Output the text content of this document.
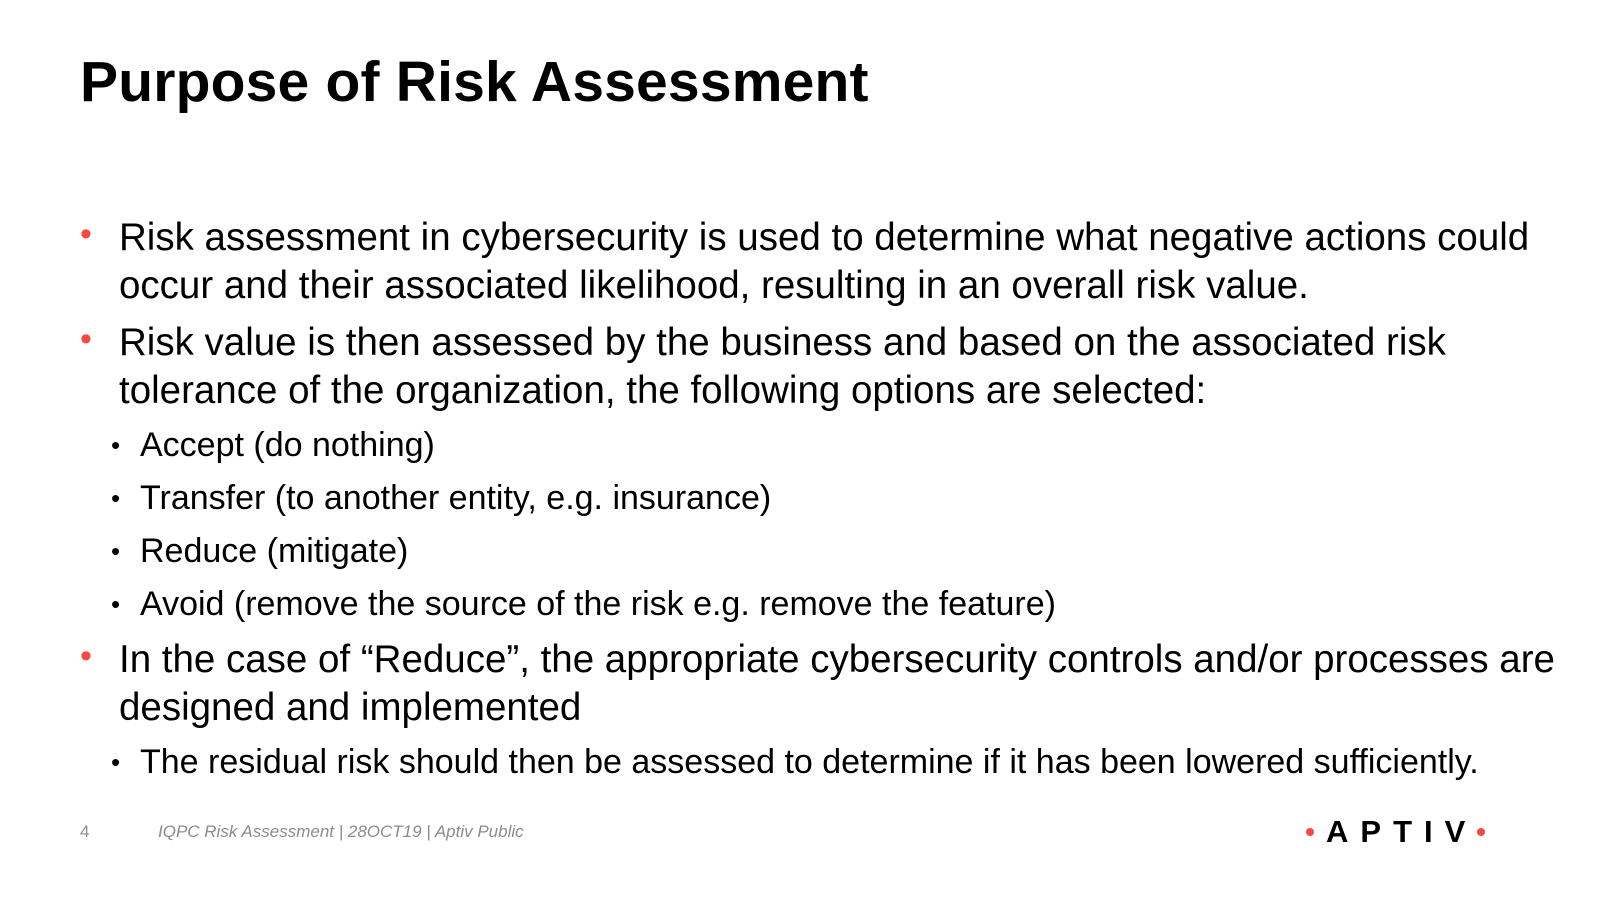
Purpose of Risk Assessment
• Risk assessment in cybersecurity is used to determine what negative actions could occur and their associated likelihood, resulting in an overall risk value.
• Risk value is then assessed by the business and based on the associated risk tolerance of the organization, the following options are selected:
• Accept (do nothing)
• Transfer (to another entity, e.g. insurance)
• Reduce (mitigate)
• Avoid (remove the source of the risk e.g. remove the feature)
• In the case of “Reduce”, the appropriate cybersecurity controls and/or processes are designed and implemented
• The residual risk should then be assessed to determine if it has been lowered sufficiently.
4	IQPC Risk Assessment | 28OCT19 | Aptiv Public	APTIV
